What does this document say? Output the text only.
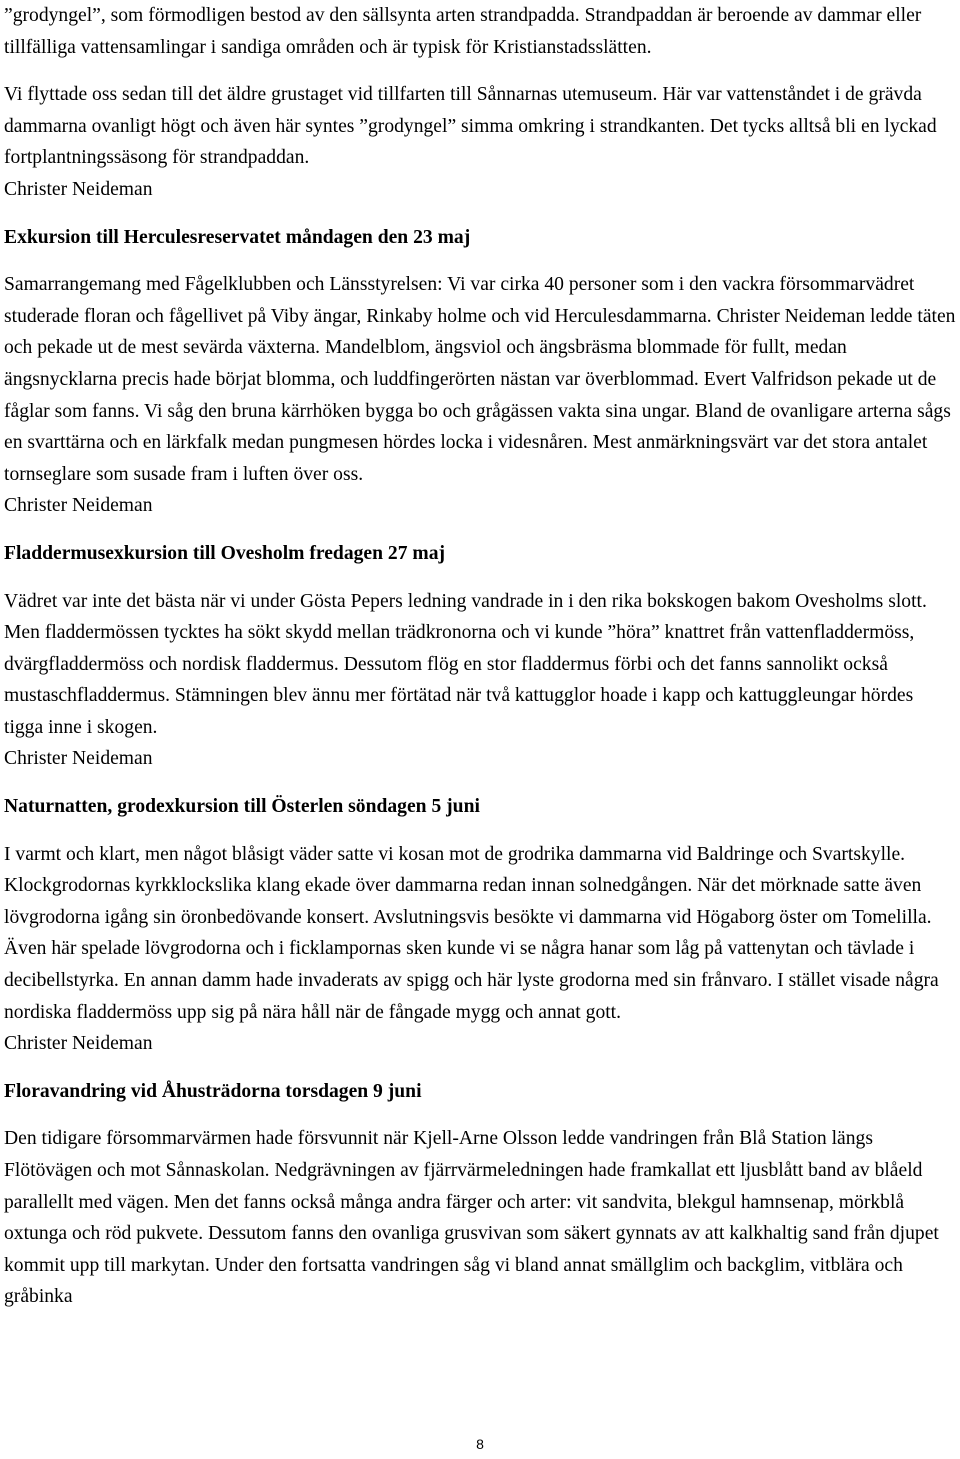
”grodyngel”, som förmodligen bestod av den sällsynta arten strandpadda. Strandpaddan är beroende av dammar eller tillfälliga vattensamlingar i sandiga områden och är typisk för Kristianstadsslätten.

Vi flyttade oss sedan till det äldre grustaget vid tillfarten till Sånnarnas utemuseum. Här var vattenståndet i de grävda dammarna ovanligt högt och även här syntes ”grodyngel” simma omkring i strandkanten. Det tycks alltså bli en lyckad fortplantningssäsong för strandpaddan.

Christer Neideman

Exkursion till Herculesreservatet måndagen den 23 maj

Samarrangemang med Fågelklubben och Länsstyrelsen: Vi var cirka 40 personer som i den vackra försommarvädret studerade floran och fågellivet på Viby ängar, Rinkaby holme och vid Herculesdammarna. Christer Neideman ledde täten och pekade ut de mest sevärda växterna. Mandelblom, ängsviol och ängsbräsma blommade för fullt, medan ängsnycklarna precis hade börjat blomma, och luddfingerörten nästan var överblommad. Evert Valfridson pekade ut de fåglar som fanns. Vi såg den bruna kärrhöken bygga bo och grågässen vakta sina ungar. Bland de ovanligare arterna sågs en svarttärna och en lärkfalk medan pungmesen hördes locka i videsnåren. Mest anmärkningsvärt var det stora antalet tornseglare som susade fram i luften över oss.

Christer Neideman

Fladdermusexkursion till Ovesholm fredagen 27 maj

Vädret var inte det bästa när vi under Gösta Pepers ledning vandrade in i den rika bokskogen bakom Ovesholms slott. Men fladdermössen tycktes ha sökt skydd mellan trädkronorna och vi kunde ”höra” knattret från vattenfladdermöss, dvärgfladdermöss och nordisk fladdermus. Dessutom flög en stor fladdermus förbi och det fanns sannolikt också mustaschfladdermus. Stämningen blev ännu mer förtätad när två kattugglor hoade i kapp och kattuggleungar hördes tigga inne i skogen.

Christer Neideman

Naturnatten, grodexkursion till Österlen söndagen 5 juni

I varmt och klart, men något blåsigt väder satte vi kosan mot de grodrika dammarna vid Baldringe och Svartskylle. Klockgrodornas kyrkklockslika klang ekade över dammarna redan innan solnedgången. När det mörknade satte även lövgrodorna igång sin öronbedövande konsert. Avslutningsvis besökte vi dammarna vid Högaborg öster om Tomelilla. Även här spelade lövgrodorna och i ficklampornas sken kunde vi se några hanar som låg på vattenytan och tävlade i decibellstyrka. En annan damm hade invaderats av spigg och här lyste grodorna med sin frånvaro. I stället visade några nordiska fladdermöss upp sig på nära håll när de fångade mygg och annat gott.

Christer Neideman

Floravandring vid Åhusträdorna torsdagen 9 juni

Den tidigare försommarvärmen hade försvunnit när Kjell-Arne Olsson ledde vandringen från Blå Station längs Flötövägen och mot Sånnaskolan. Nedgrävningen av fjärrvärmeledningen hade framkallat ett ljusblått band av blåeld parallellt med vägen. Men det fanns också många andra färger och arter: vit sandvita, blekgul hamnsenap, mörkblå oxtunga och röd pukvete. Dessutom fanns den ovanliga grusvivan som säkert gynnats av att kalkhaltig sand från djupet kommit upp till markytan. Under den fortsatta vandringen såg vi bland annat smällglim och backglim, vitblära och gråbinka

8
